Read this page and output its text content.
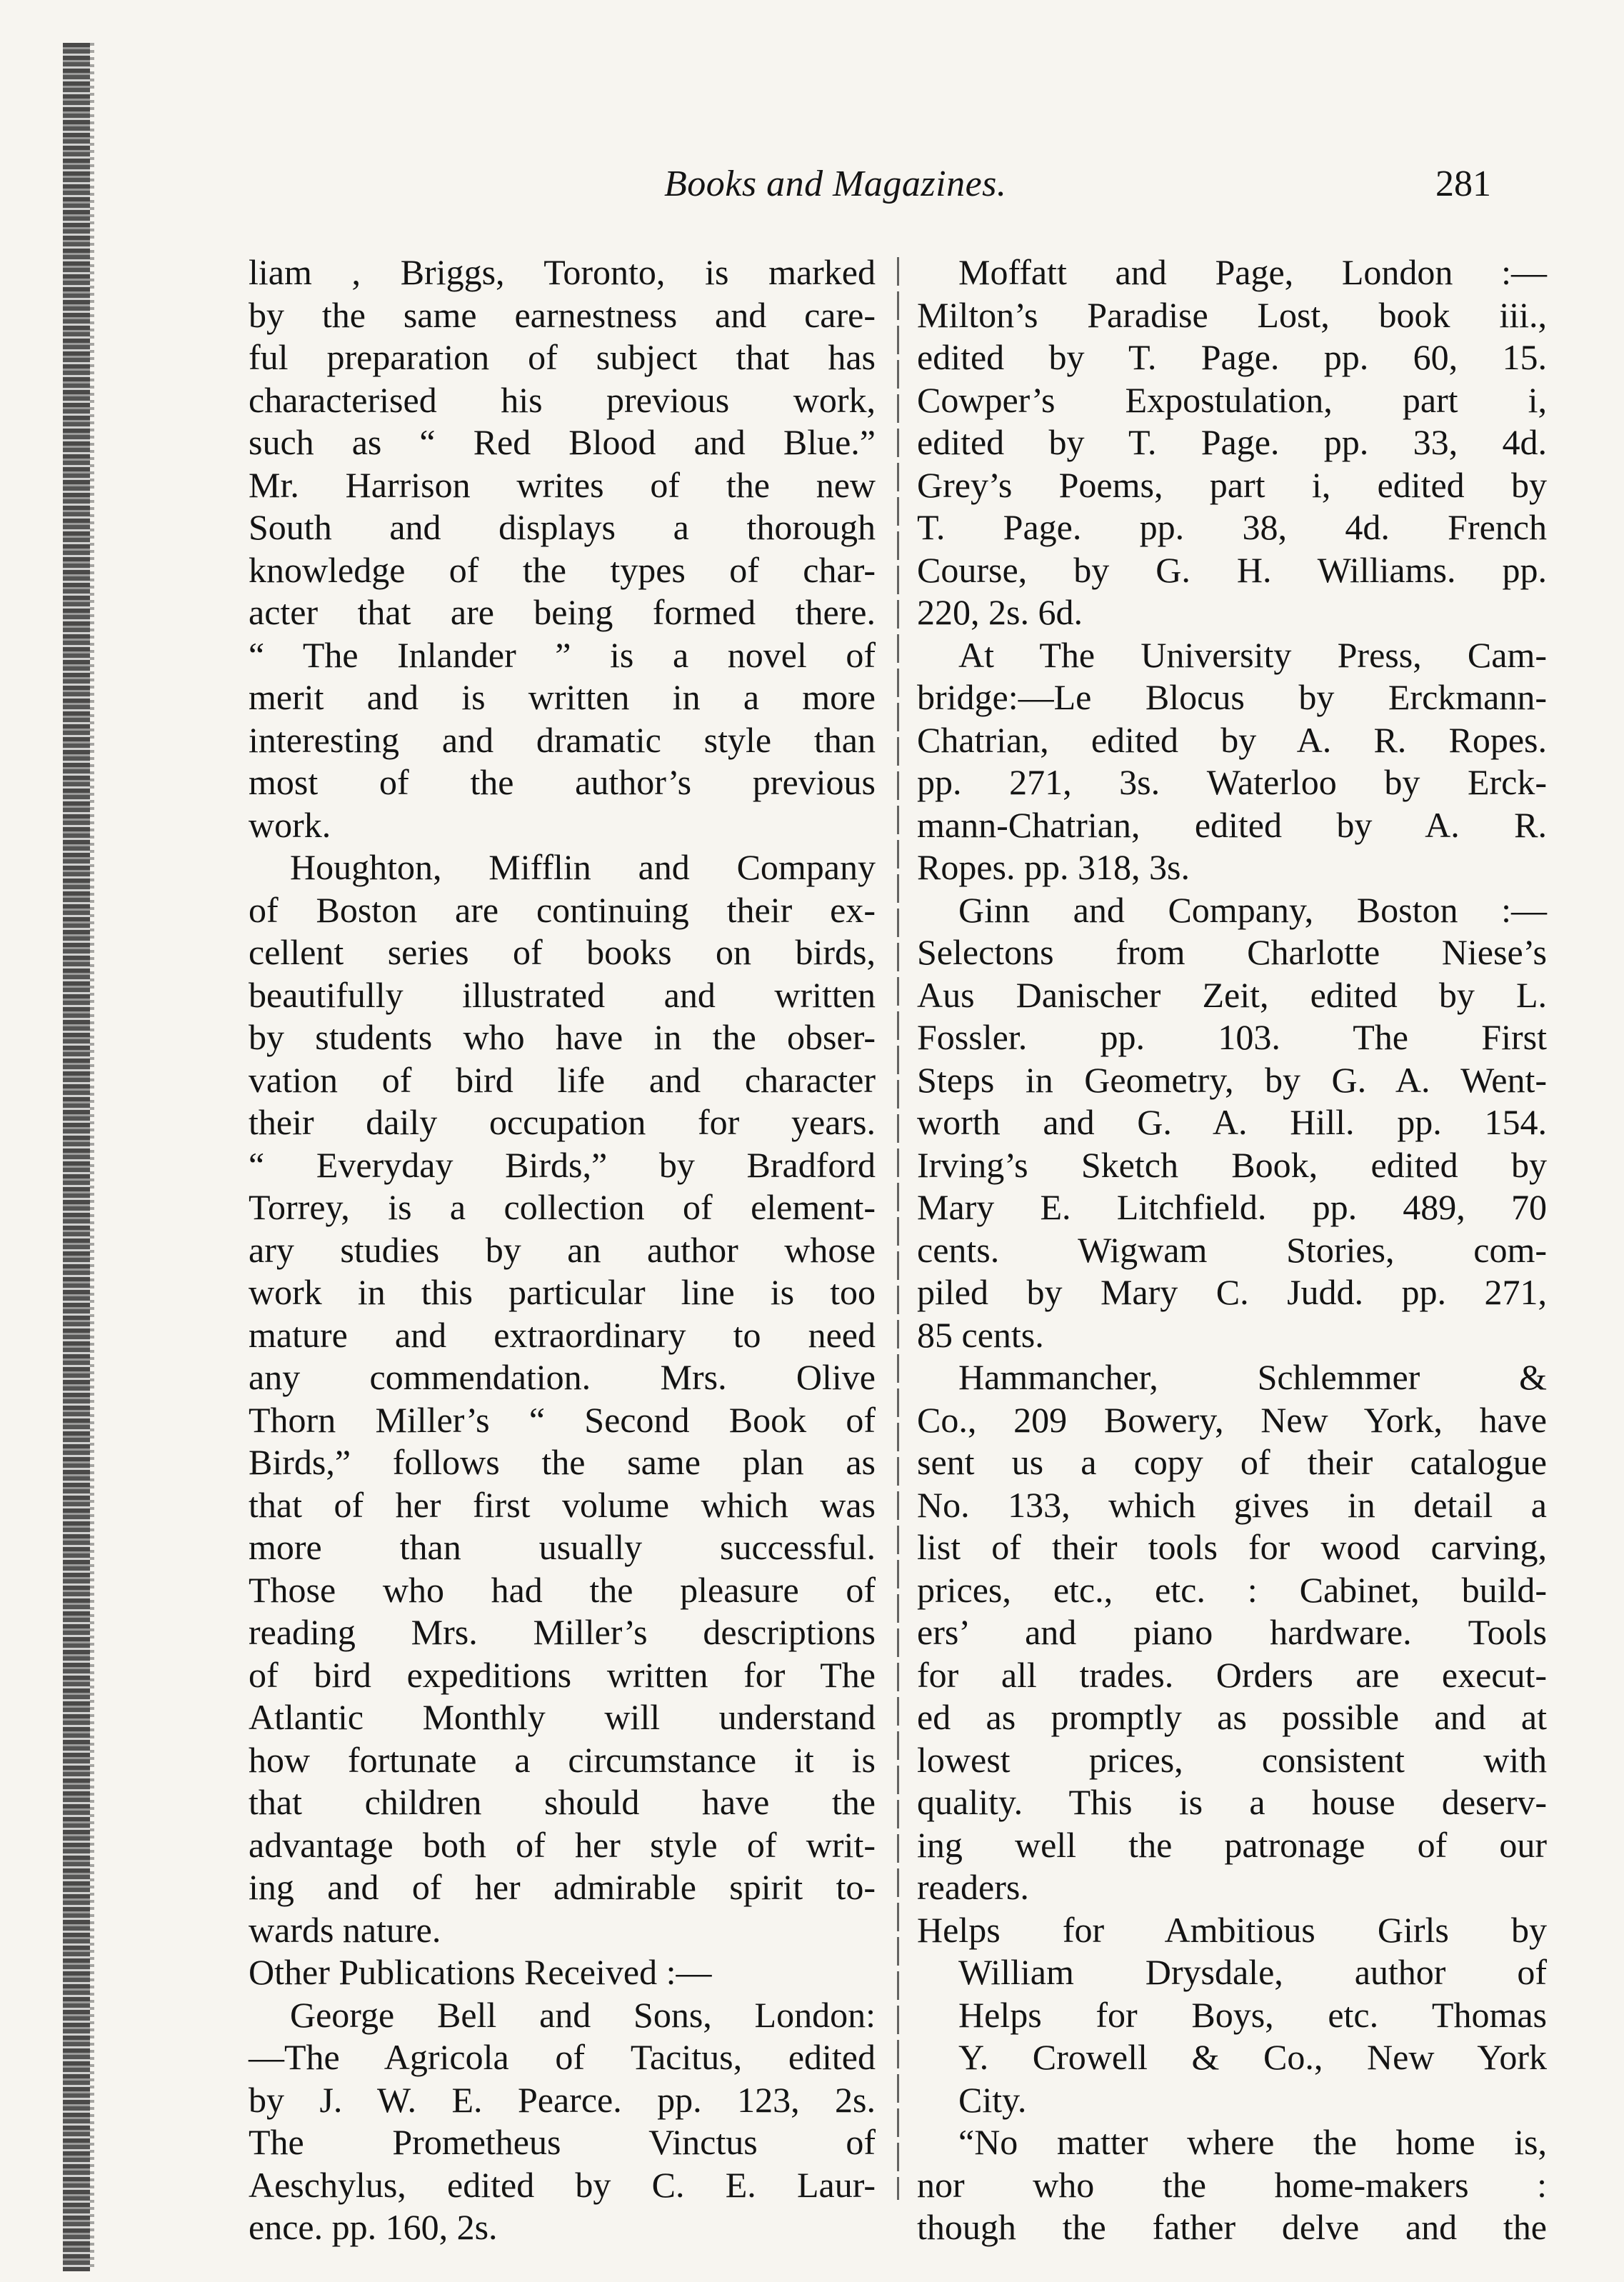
Books and Magazines.	281
liam , Briggs, Toronto, is marked
by the same earnestness and care-
ful preparation of subject that has
characterised his previous work,
such as “ Red Blood and Blue.”
Mr. Harrison writes of the new
South and displays a thorough
knowledge of the types of char-
acter that are being formed there.
“ The Inlander ” is a novel of
merit and is written in a more
interesting and dramatic style than
most of the author’s previous
work.
Houghton, Mifflin and Company
of Boston are continuing their ex-
cellent series of books on birds,
beautifully illustrated and written
by students who have in the obser-
vation of bird life and character
their daily occupation for years.
“ Everyday Birds,” by Bradford
Torrey, is a collection of element-
ary studies by an author whose
work in this particular line is too
mature and extraordinary to need
any commendation. Mrs. Olive
Thorn Miller’s “ Second Book of
Birds,” follows the same plan as
that of her first volume which was
more than usually successful.
Those who had the pleasure of
reading Mrs. Miller’s descriptions
of bird expeditions written for The
Atlantic Monthly will understand
how fortunate a circumstance it is
that children should have the
advantage both of her style of writ-
ing and of her admirable spirit to-
wards nature.
Other Publications Received :—
George Bell and Sons, London:
—The Agricola of Tacitus, edited
by J. W. E. Pearce. pp. 123, 2s.
The Prometheus Vinctus of
Aeschylus, edited by C. E. Laur-
ence. pp. 160, 2s.
Moffatt and Page, London :—
Milton’s Paradise Lost, book iii.,
edited by T. Page. pp. 60, 15.
Cowper’s Expostulation, part i,
edited by T. Page. pp. 33, 4d.
Grey’s Poems, part i, edited by
T. Page. pp. 38, 4d. French
Course, by G. H. Williams. pp.
220, 2s. 6d.
At The University Press, Cam-
bridge:—Le Blocus by Erckmann-
Chatrian, edited by A. R. Ropes.
pp. 271, 3s. Waterloo by Erck-
mann-Chatrian, edited by A. R.
Ropes. pp. 318, 3s.
Ginn and Company, Boston :—
Selectons from Charlotte Niese’s
Aus Danischer Zeit, edited by L.
Fossler. pp. 103. The First
Steps in Geometry, by G. A. Went-
worth and G. A. Hill. pp. 154.
Irving’s Sketch Book, edited by
Mary E. Litchfield. pp. 489, 70
cents. Wigwam Stories, com-
piled by Mary C. Judd. pp. 271,
85 cents.
Hammancher, Schlemmer &
Co., 209 Bowery, New York, have
sent us a copy of their catalogue
No. 133, which gives in detail a
list of their tools for wood carving,
prices, etc., etc. : Cabinet, build-
ers’ and piano hardware. Tools
for all trades. Orders are execut-
ed as promptly as possible and at
lowest prices, consistent with
quality. This is a house deserv-
ing well the patronage of our
readers.
Helps for Ambitious Girls by
William Drysdale, author of
Helps for Boys, etc. Thomas
Y. Crowell & Co., New York
City.
“No matter where the home is,
nor who the home-makers :
though the father delve and the
